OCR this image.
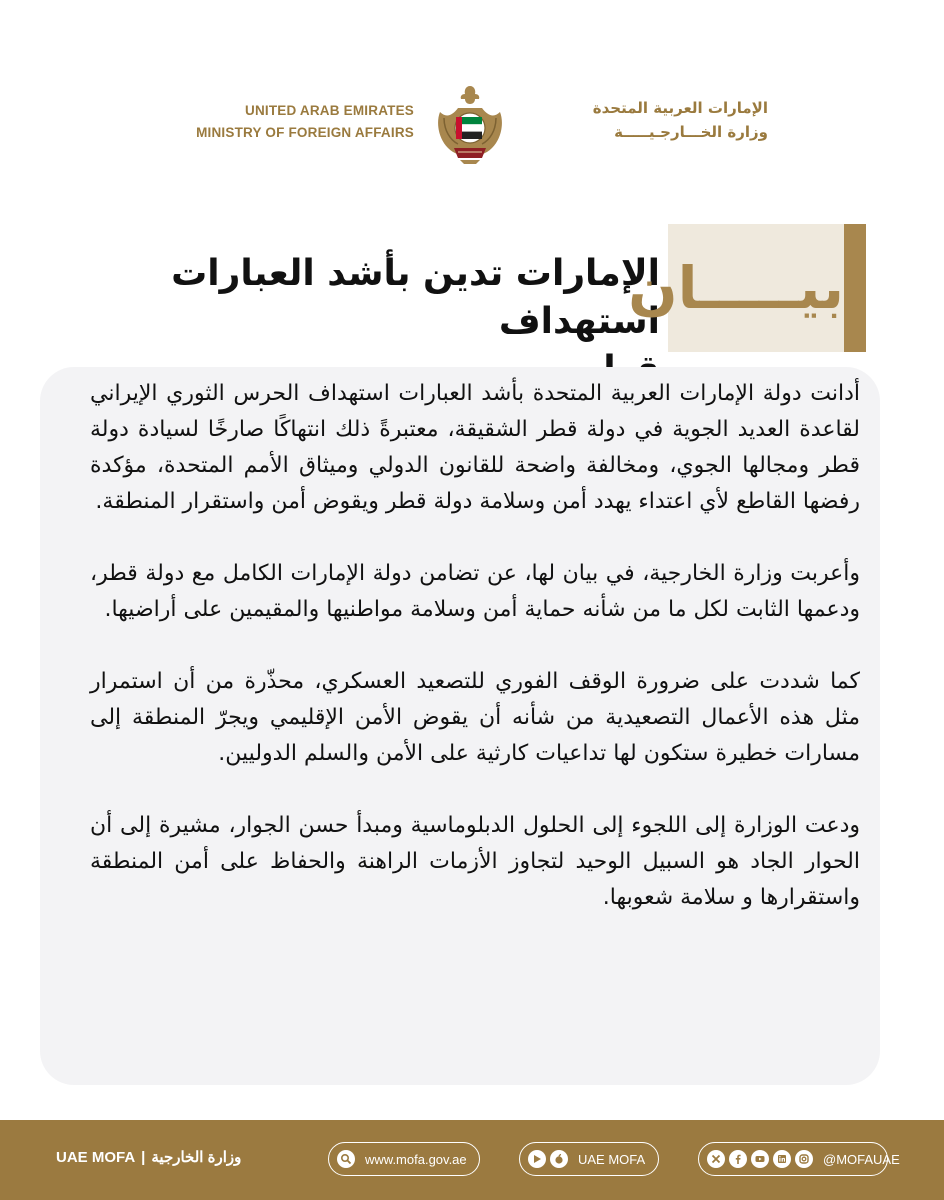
UNITED ARAB EMIRATES
MINISTRY OF FOREIGN AFFAIRS
الإمارات العربية المتحدة
وزارة الخـــارجـيـــــة
الإمارات تدين بأشد العبارات استهداف
بيـــــان

أدانت دولة الإمارات العربية المتحدة بأشد العبارات استهداف الحرس الثوري الإيراني لقاعدة العديد الجوية في دولة قطر الشقيقة، معتبرةً ذلك انتهاكًا صارخًا لسيادة دولة قطر ومجالها الجوي، ومخالفة واضحة للقانون الدولي وميثاق الأمم المتحدة، مؤكدة رفضها القاطع لأي اعتداء يهدد أمن وسلامة دولة قطر ويقوض أمن واستقرار المنطقة.

وأعربت وزارة الخارجية، في بيان لها، عن تضامن دولة الإمارات الكامل مع دولة قطر، ودعمها الثابت لكل ما من شأنه حماية أمن وسلامة مواطنيها والمقيمين على أراضيها.

كما شددت على ضرورة الوقف الفوري للتصعيد العسكري، محذّرة من أن استمرار مثل هذه الأعمال التصعيدية من شأنه أن يقوض الأمن الإقليمي ويجرّ المنطقة إلى مسارات خطيرة ستكون لها تداعيات كارثية على الأمن والسلم الدوليين.

ودعت الوزارة إلى اللجوء إلى الحلول الدبلوماسية ومبدأ حسن الجوار، مشيرة إلى أن الحوار الجاد هو السبيل الوحيد لتجاوز الأزمات الراهنة والحفاظ على أمن المنطقة واستقرارها و سلامة شعوبها.

UAE MOFA | وزارة الخارجية	www.mofa.gov.ae	UAE MOFA	@MOFAUAE
